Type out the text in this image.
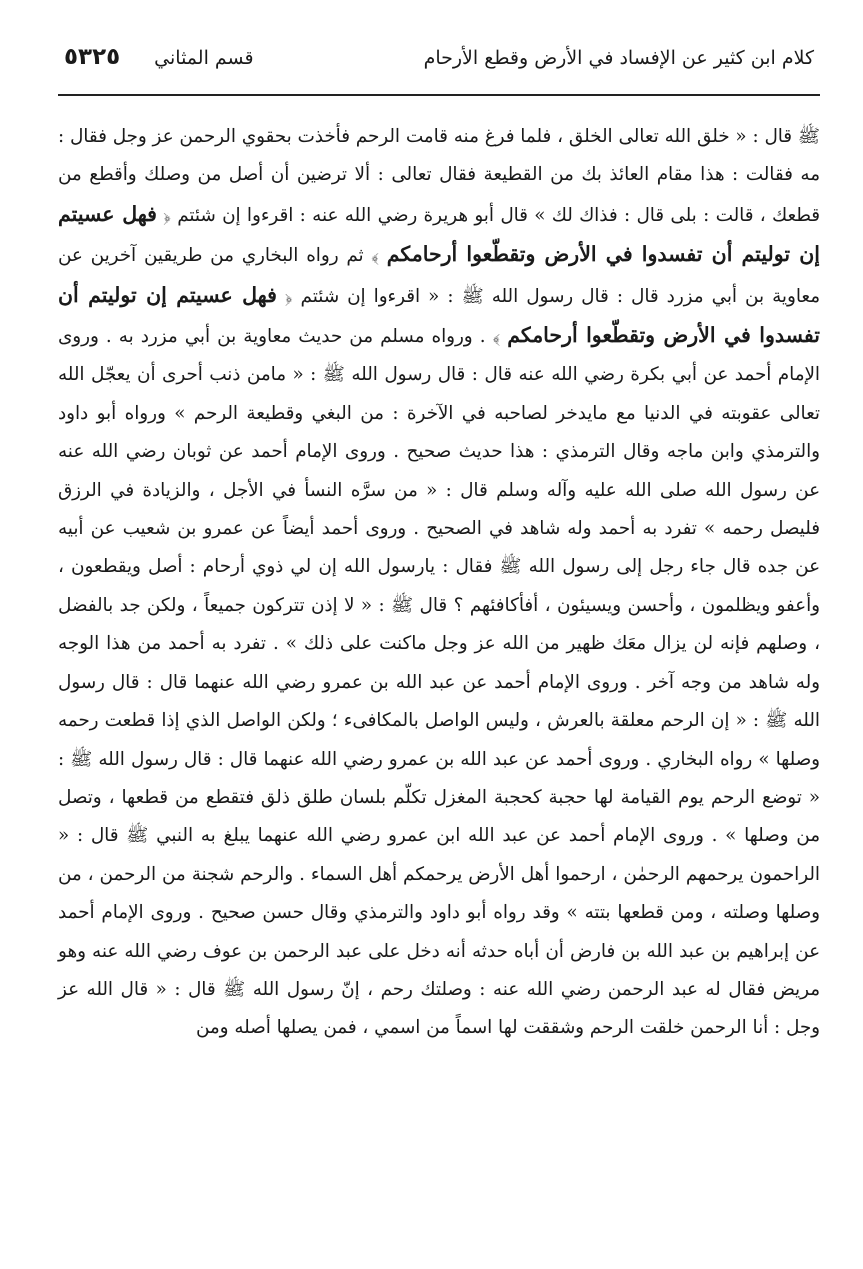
كلام ابن كثير عن الإفساد في الأرض وقطع الأرحام
قسم المثاني
٥٣٢٥

ﷺ قال : « خلق الله تعالى الخلق ، فلما فرغ منه قامت الرحم فأخذت بحقوي الرحمن عز وجل فقال : مه فقالت : هذا مقام العائذ بك من القطيعة فقال تعالى : ألا ترضين أن أصل من وصلك وأقطع من قطعك ، قالت : بلى قال : فذاك لك » قال أبو هريرة رضي الله عنه : اقرءوا إن شئتم ﴿ فهل عسيتم إن توليتم أن تفسدوا في الأرض وتقطّعوا أرحامكم ﴾ ثم رواه البخاري من طريقين آخرين عن معاوية بن أبي مزرد قال : قال رسول الله ﷺ : « اقرءوا إن شئتم ﴿ فهل عسيتم إن توليتم أن تفسدوا في الأرض وتقطّعوا أرحامكم ﴾ . ورواه مسلم من حديث معاوية بن أبي مزرد به . وروى الإمام أحمد عن أبي بكرة رضي الله عنه قال : قال رسول الله ﷺ : « مامن ذنب أحرى أن يعجّل الله تعالى عقوبته في الدنيا مع مايدخر لصاحبه في الآخرة : من البغي وقطيعة الرحم » ورواه أبو داود والترمذي وابن ماجه وقال الترمذي : هذا حديث صحيح . وروى الإمام أحمد عن ثوبان رضي الله عنه عن رسول الله صلى الله عليه وآله وسلم قال : « من سرَّه النسأ في الأجل ، والزيادة في الرزق فليصل رحمه » تفرد به أحمد وله شاهد في الصحيح . وروى أحمد أيضاً عن عمرو بن شعيب عن أبيه عن جده قال جاء رجل إلى رسول الله ﷺ فقال : يارسول الله إن لي ذوي أرحام : أصل ويقطعون ، وأعفو ويظلمون ، وأحسن ويسيئون ، أفأكافئهم ؟ قال ﷺ : « لا إذن تتركون جميعاً ، ولكن جد بالفضل ، وصلهم فإنه لن يزال معَك ظهير من الله عز وجل ماكنت على ذلك » . تفرد به أحمد من هذا الوجه وله شاهد من وجه آخر . وروى الإمام أحمد عن عبد الله بن عمرو رضي الله عنهما قال : قال رسول الله ﷺ : « إن الرحم معلقة بالعرش ، وليس الواصل بالمكافىء ؛ ولكن الواصل الذي إذا قطعت رحمه وصلها » رواه البخاري . وروى أحمد عن عبد الله بن عمرو رضي الله عنهما قال : قال رسول الله ﷺ : « توضع الرحم يوم القيامة لها حجبة كحجبة المغزل تكلّم بلسان طلق ذلق فتقطع من قطعها ، وتصل من وصلها » . وروى الإمام أحمد عن عبد الله ابن عمرو رضي الله عنهما يبلغ به النبي ﷺ قال : « الراحمون يرحمهم الرحمٰن ، ارحموا أهل الأرض يرحمكم أهل السماء . والرحم شجنة من الرحمن ، من وصلها وصلته ، ومن قطعها بتته » وقد رواه أبو داود والترمذي وقال حسن صحيح . وروى الإمام أحمد عن إبراهيم بن عبد الله بن فارض أن أباه حدثه أنه دخل على عبد الرحمن بن عوف رضي الله عنه وهو مريض فقال له عبد الرحمن رضي الله عنه : وصلتك رحم ، إنّ رسول الله ﷺ قال : « قال الله عز وجل : أنا الرحمن خلقت الرحم وشققت لها اسماً من اسمي ، فمن يصلها أصله ومن
